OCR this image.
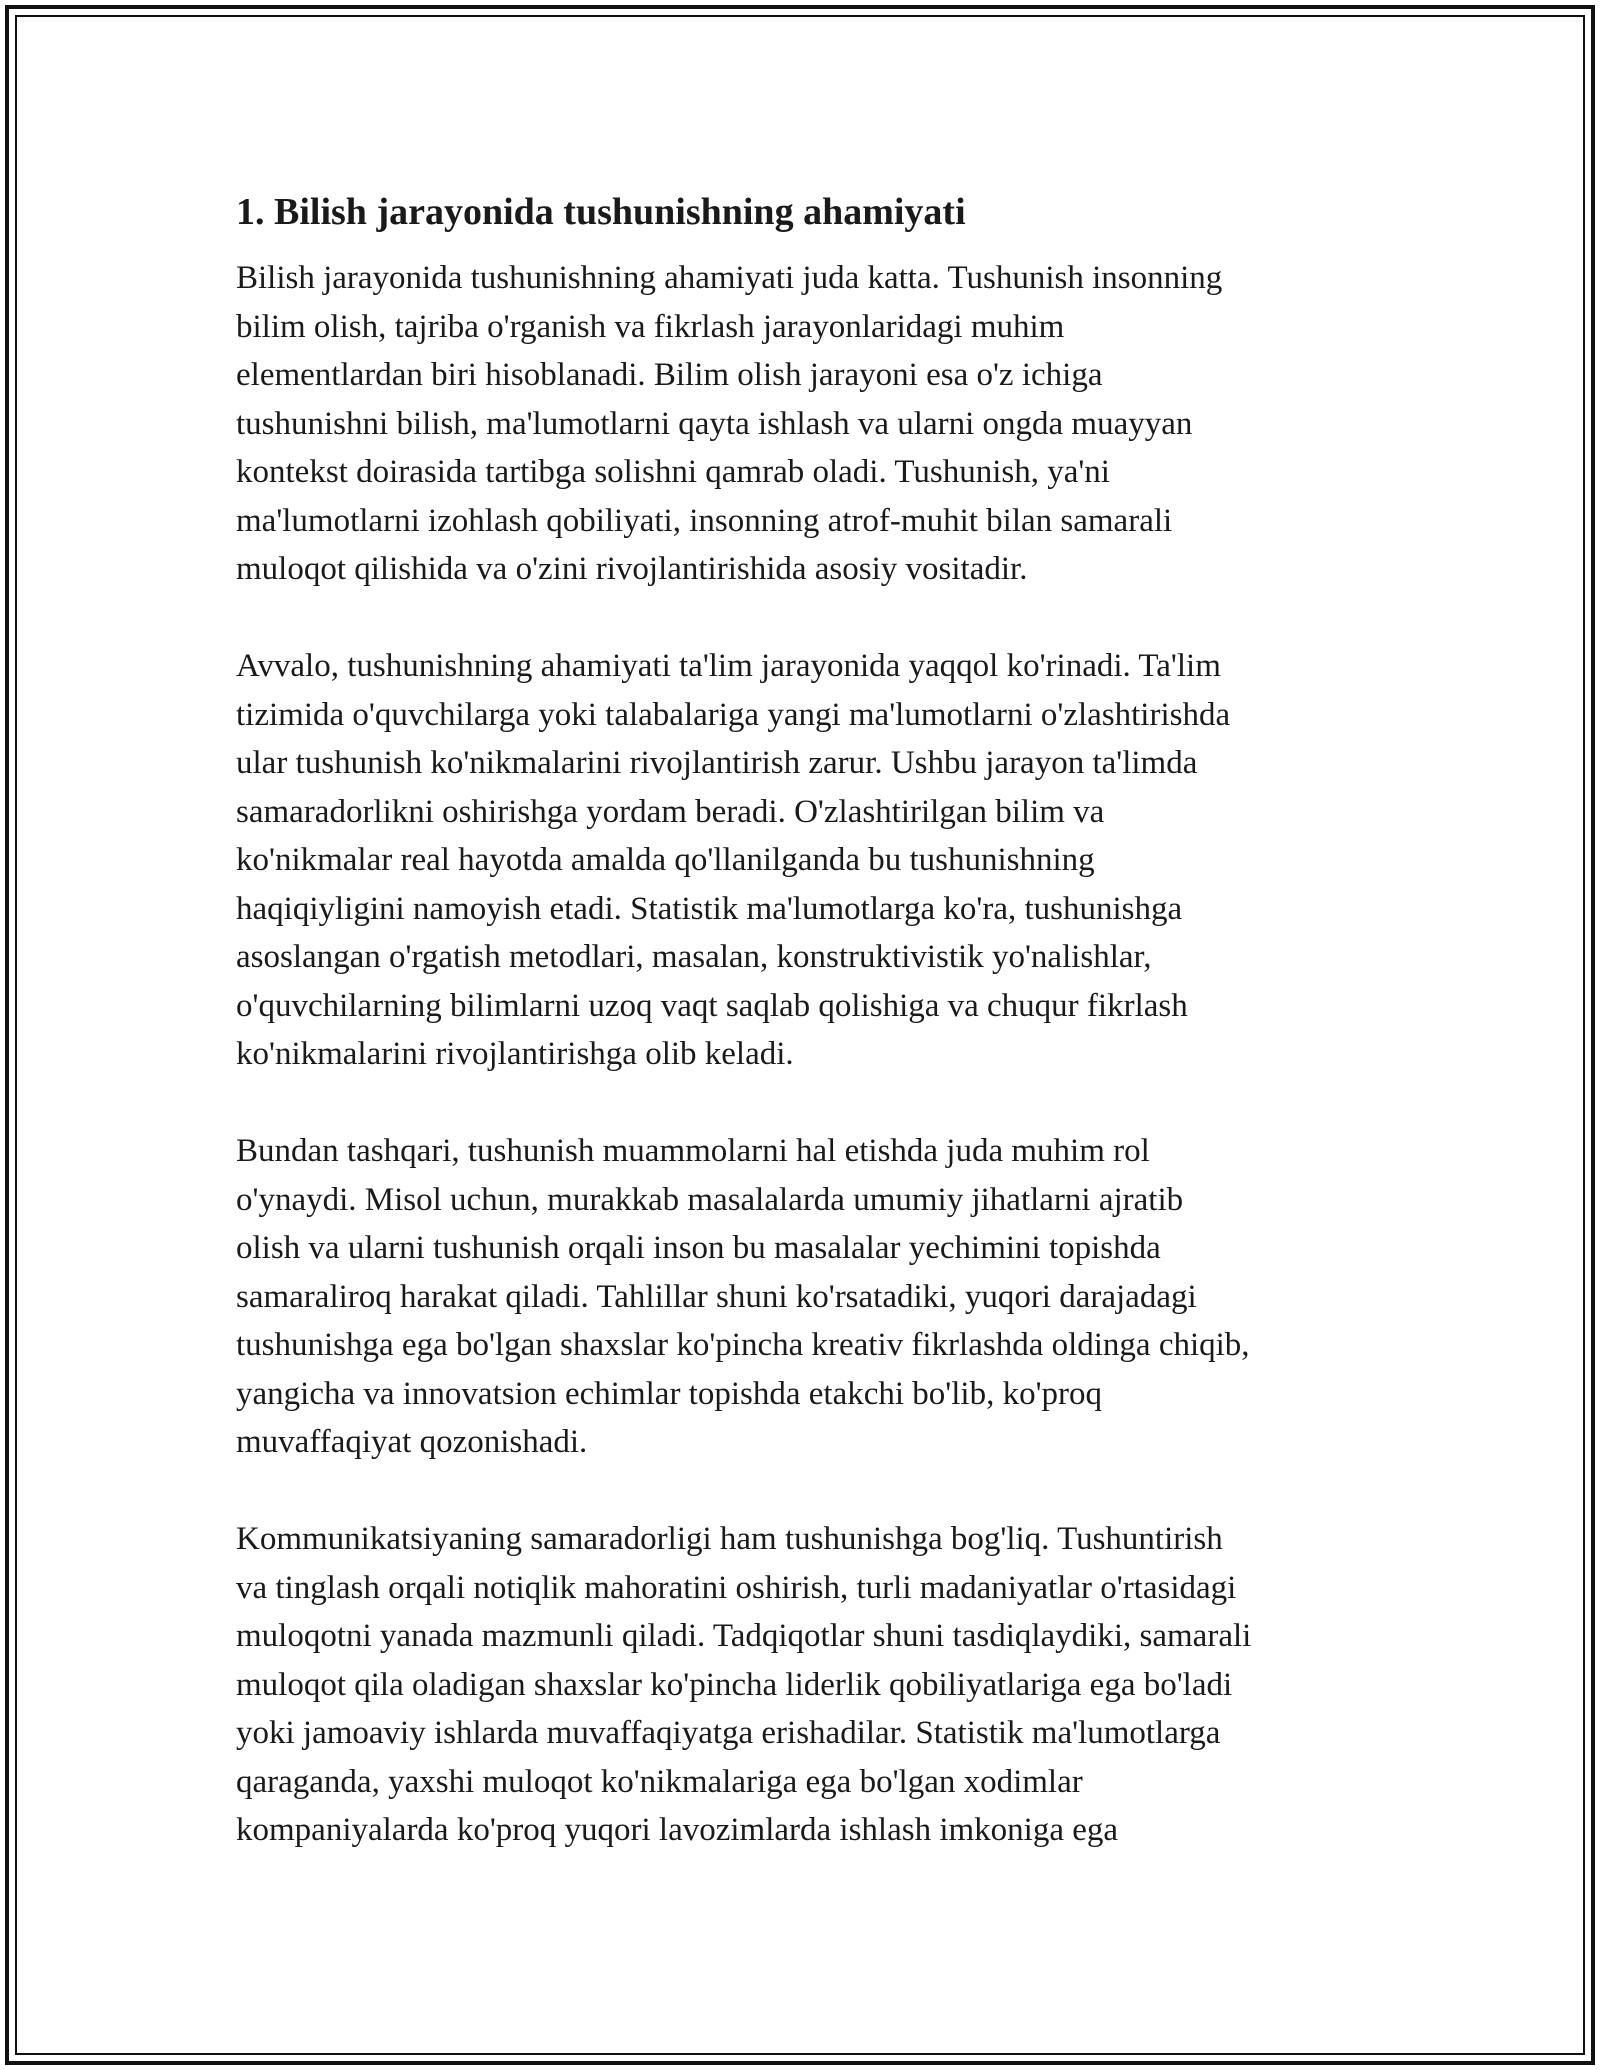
1. Bilish jarayonida tushunishning ahamiyati

Bilish jarayonida tushunishning ahamiyati juda katta. Tushunish insonning
bilim olish, tajriba o'rganish va fikrlash jarayonlaridagi muhim
elementlardan biri hisoblanadi. Bilim olish jarayoni esa o'z ichiga
tushunishni bilish, ma'lumotlarni qayta ishlash va ularni ongda muayyan
kontekst doirasida tartibga solishni qamrab oladi. Tushunish, ya'ni
ma'lumotlarni izohlash qobiliyati, insonning atrof-muhit bilan samarali
muloqot qilishida va o'zini rivojlantirishida asosiy vositadir.

Avvalo, tushunishning ahamiyati ta'lim jarayonida yaqqol ko'rinadi. Ta'lim
tizimida o'quvchilarga yoki talabalariga yangi ma'lumotlarni o'zlashtirishda
ular tushunish ko'nikmalarini rivojlantirish zarur. Ushbu jarayon ta'limda
samaradorlikni oshirishga yordam beradi. O'zlashtirilgan bilim va
ko'nikmalar real hayotda amalda qo'llanilganda bu tushunishning
haqiqiyligini namoyish etadi. Statistik ma'lumotlarga ko'ra, tushunishga
asoslangan o'rgatish metodlari, masalan, konstruktivistik yo'nalishlar,
o'quvchilarning bilimlarni uzoq vaqt saqlab qolishiga va chuqur fikrlash
ko'nikmalarini rivojlantirishga olib keladi.

Bundan tashqari, tushunish muammolarni hal etishda juda muhim rol
o'ynaydi. Misol uchun, murakkab masalalarda umumiy jihatlarni ajratib
olish va ularni tushunish orqali inson bu masalalar yechimini topishda
samaraliroq harakat qiladi. Tahlillar shuni ko'rsatadiki, yuqori darajadagi
tushunishga ega bo'lgan shaxslar ko'pincha kreativ fikrlashda oldinga chiqib,
yangicha va innovatsion echimlar topishda etakchi bo'lib, ko'proq
muvaffaqiyat qozonishadi.

Kommunikatsiyaning samaradorligi ham tushunishga bog'liq. Tushuntirish
va tinglash orqali notiqlik mahoratini oshirish, turli madaniyatlar o'rtasidagi
muloqotni yanada mazmunli qiladi. Tadqiqotlar shuni tasdiqlaydiki, samarali
muloqot qila oladigan shaxslar ko'pincha liderlik qobiliyatlariga ega bo'ladi
yoki jamoaviy ishlarda muvaffaqiyatga erishadilar. Statistik ma'lumotlarga
qaraganda, yaxshi muloqot ko'nikmalariga ega bo'lgan xodimlar
kompaniyalarda ko'proq yuqori lavozimlarda ishlash imkoniga ega
